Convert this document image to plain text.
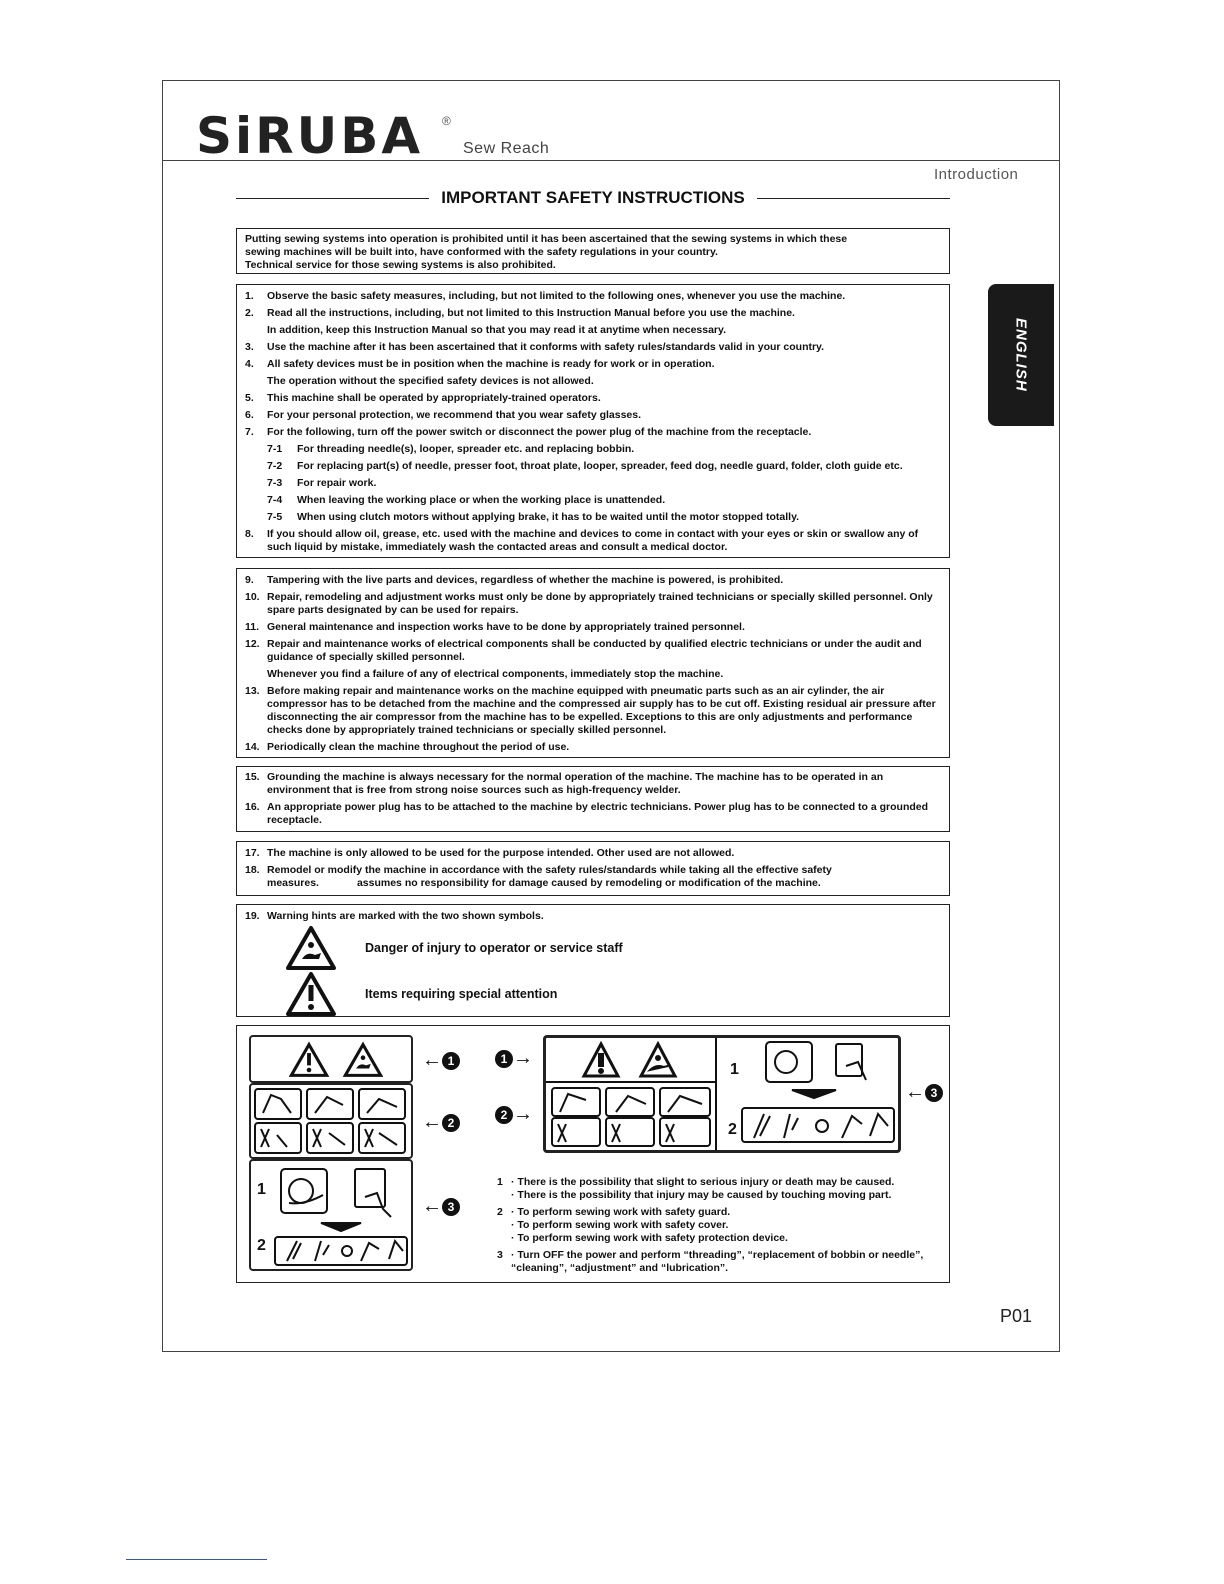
SiRUBA ®
Sew Reach
Introduction
IMPORTANT SAFETY INSTRUCTIONS
ENGLISH

Putting sewing systems into operation is prohibited until it has been ascertained that the sewing systems in which these

sewing machines will be built into, have conformed with the safety regulations in your country.

Technical service for those sewing systems is also prohibited.

1.	Observe the basic safety measures, including, but not limited to the following ones, whenever you use the machine.
2.	Read all the instructions, including, but not limited to this Instruction Manual before you use the machine.
In addition, keep this Instruction Manual so that you may read it at anytime when necessary.
3.	Use the machine after it has been ascertained that it conforms with safety rules/standards valid in your country.
4.	All safety devices must be in position when the machine is ready for work or in operation.
The operation without the specified safety devices is not allowed.
5.	This machine shall be operated by appropriately-trained operators.
6.	For your personal protection, we recommend that you wear safety glasses.
7.	For the following, turn off the power switch or disconnect the power plug of the machine from the receptacle.
7-1	For threading needle(s), looper, spreader etc. and replacing bobbin.
7-2	For replacing part(s) of needle, presser foot, throat plate, looper, spreader, feed dog, needle guard, folder, cloth guide etc.
7-3	For repair work.
7-4	When leaving the working place or when the working place is unattended.
7-5	When using clutch motors without applying brake, it has to be waited until the motor stopped totally.
8.	If you should allow oil, grease, etc. used with the machine and devices to come in contact with your eyes or skin or swallow any of such liquid by mistake, immediately wash the contacted areas and consult a medical doctor.
9.	Tampering with the live parts and devices, regardless of whether the machine is powered, is prohibited.
10. Repair, remodeling and adjustment works must only be done by appropriately trained technicians or specially skilled personnel. Only spare parts designated by can be used for repairs.
11. General maintenance and inspection works have to be done by appropriately trained personnel.
12. Repair and maintenance works of electrical components shall be conducted by qualified electric technicians or under the audit and guidance of specially skilled personnel.
Whenever you find a failure of any of electrical components, immediately stop the machine.
13. Before making repair and maintenance works on the machine equipped with pneumatic parts such as an air cylinder, the air compressor has to be detached from the machine and the compressed air supply has to be cut off. Existing residual air pressure after disconnecting the air compressor from the machine has to be expelled. Exceptions to this are only adjustments and performance checks done by appropriately trained technicians or specially skilled personnel.
14. Periodically clean the machine throughout the period of use.
15. Grounding the machine is always necessary for the normal operation of the machine. The machine has to be operated in an environment that is free from strong noise sources such as high-frequency welder.
16. An appropriate power plug has to be attached to the machine by electric technicians. Power plug has to be connected to a grounded receptacle.
17. The machine is only allowed to be used for the purpose intended. Other used are not allowed.
18. Remodel or modify the machine in accordance with the safety rules/standards while taking all the effective safety
measures.	assumes no responsibility for damage caused by remodeling or modification of the machine.
19. Warning hints are marked with the two shown symbols.
Danger of injury to operator or service staff
Items requiring special attention
1
2
← 1
← 2
← 3
1 →
2 →
1
2
← 3
1 · There is the possibility that slight to serious injury or death may be caused.
· There is the possibility that injury may be caused by touching moving part.
2 · To perform sewing work with safety guard.
· To perform sewing work with safety cover.
· To perform sewing work with safety protection device.
3 · Turn OFF the power and perform “threading”, “replacement of bobbin or needle”, “cleaning”, “adjustment” and “lubrication”.
P01
